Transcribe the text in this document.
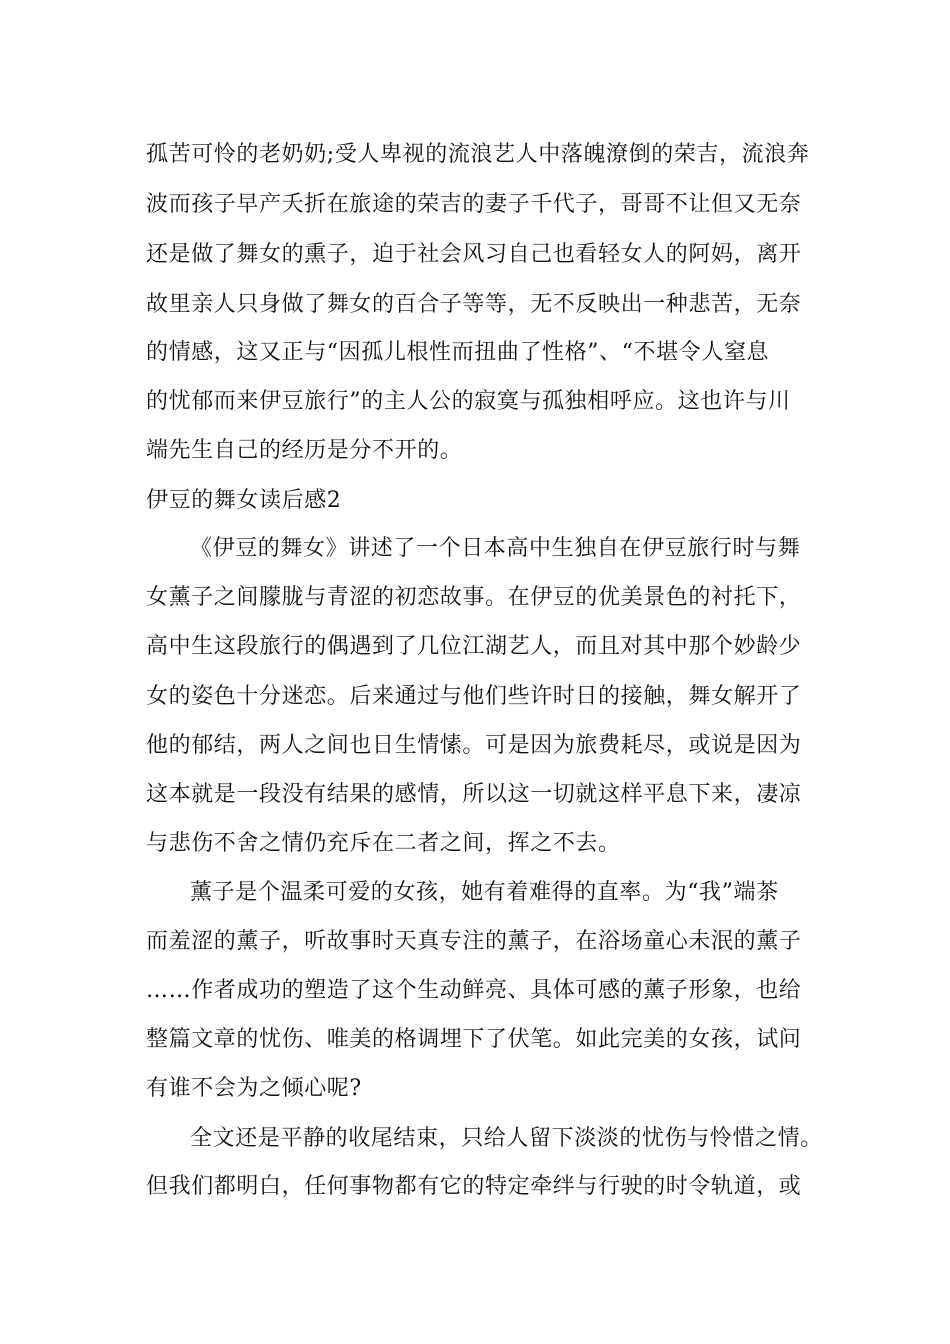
孤苦可怜的老奶奶;受人卑视的流浪艺人中落魄潦倒的荣吉，流浪奔
波而孩子早产夭折在旅途的荣吉的妻子千代子，哥哥不让但又无奈
还是做了舞女的熏子，迫于社会风习自己也看轻女人的阿妈，离开
故里亲人只身做了舞女的百合子等等，无不反映出一种悲苦，无奈
的情感，这又正与“因孤儿根性而扭曲了性格”、“不堪令人窒息
的忧郁而来伊豆旅行”的主人公的寂寞与孤独相呼应。这也许与川
端先生自己的经历是分不开的。
伊豆的舞女读后感2
《伊豆的舞女》讲述了一个日本高中生独自在伊豆旅行时与舞
女薰子之间朦胧与青涩的初恋故事。在伊豆的优美景色的衬托下，
高中生这段旅行的偶遇到了几位江湖艺人，而且对其中那个妙龄少
女的姿色十分迷恋。后来通过与他们些许时日的接触，舞女解开了
他的郁结，两人之间也日生情愫。可是因为旅费耗尽，或说是因为
这本就是一段没有结果的感情，所以这一切就这样平息下来，凄凉
与悲伤不舍之情仍充斥在二者之间，挥之不去。
薰子是个温柔可爱的女孩，她有着难得的直率。为“我”端茶
而羞涩的薰子，听故事时天真专注的薰子，在浴场童心未泯的薰子
……作者成功的塑造了这个生动鲜亮、具体可感的薰子形象，也给
整篇文章的忧伤、唯美的格调埋下了伏笔。如此完美的女孩，试问
有谁不会为之倾心呢?
全文还是平静的收尾结束，只给人留下淡淡的忧伤与怜惜之情。
但我们都明白，任何事物都有它的特定牵绊与行驶的时令轨道，或
